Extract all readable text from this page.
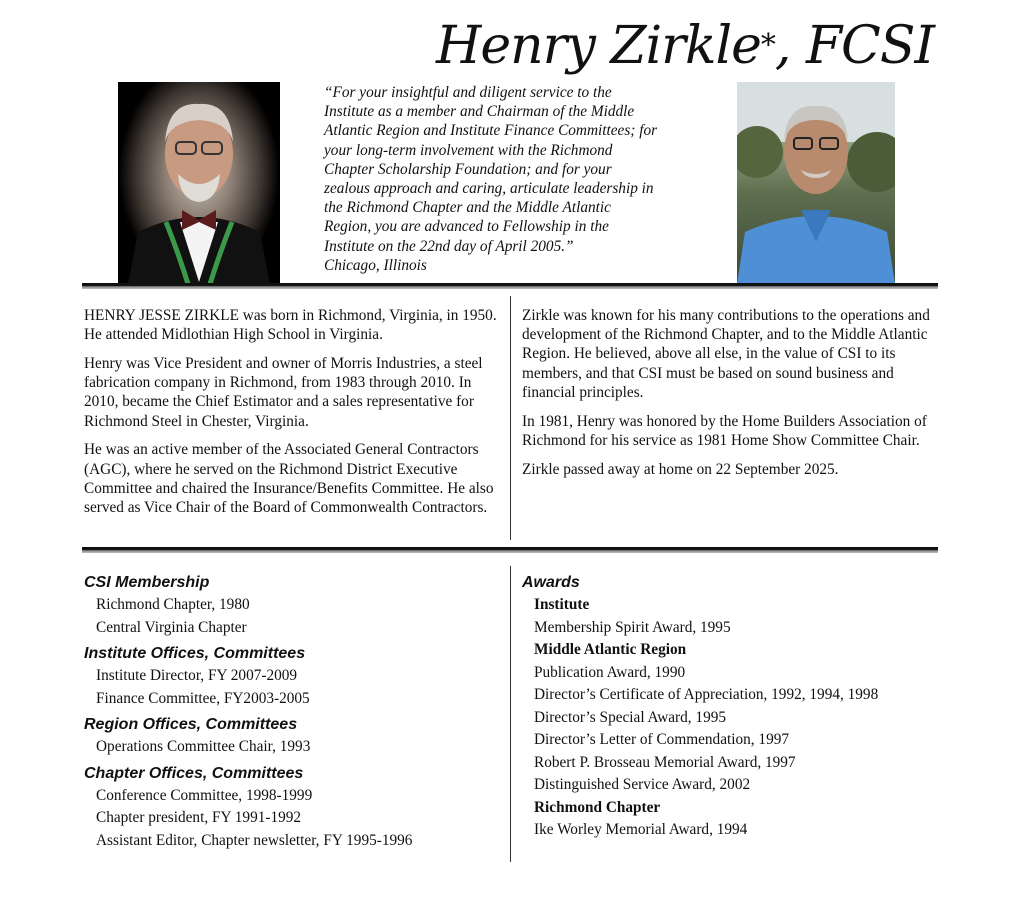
Henry Zirkle*, FCSI
“For your insightful and diligent service to the
Institute as a member and Chairman of the Middle
Atlantic Region and Institute Finance Committees; for
your long-term involvement with the Richmond
Chapter Scholarship Foundation; and for your
zealous approach and caring, articulate leadership in
the Richmond Chapter and the Middle Atlantic
Region, you are advanced to Fellowship in the
Institute on the 22nd day of April 2005.”
Chicago, Illinois

HENRY JESSE ZIRKLE was born in Richmond, Virginia, in 1950. He attended Midlothian High School in Virginia.

Henry was Vice President and owner of Morris Industries, a steel fabrication company in Richmond, from 1983 through 2010. In 2010, became the Chief Estimator and a sales representative for Richmond Steel in Chester, Virginia.

He was an active member of the Associated General Contractors (AGC), where he served on the Richmond District Executive Committee and chaired the Insurance/Benefits Committee. He also served as Vice Chair of the Board of Commonwealth Contractors.

Zirkle was known for his many contributions to the operations and development of the Richmond Chapter, and to the Middle Atlantic Region. He believed, above all else, in the value of CSI to its members, and that CSI must be based on sound business and financial principles.

In 1981, Henry was honored by the Home Builders Association of Richmond for his service as 1981 Home Show Committee Chair.

Zirkle passed away at home on 22 September 2025.

CSI Membership
Richmond Chapter, 1980
Central Virginia Chapter
Institute Offices, Committees
Institute Director, FY 2007-2009
Finance Committee, FY2003-2005
Region Offices, Committees
Operations Committee Chair, 1993
Chapter Offices, Committees
Conference Committee, 1998-1999
Chapter president, FY 1991-1992
Assistant Editor, Chapter newsletter, FY 1995-1996
Awards
Institute
Membership Spirit Award, 1995
Middle Atlantic Region
Publication Award, 1990
Director’s Certificate of Appreciation, 1992, 1994, 1998
Director’s Special Award, 1995
Director’s Letter of Commendation, 1997
Robert P. Brosseau Memorial Award, 1997
Distinguished Service Award, 2002
Richmond Chapter
Ike Worley Memorial Award, 1994
